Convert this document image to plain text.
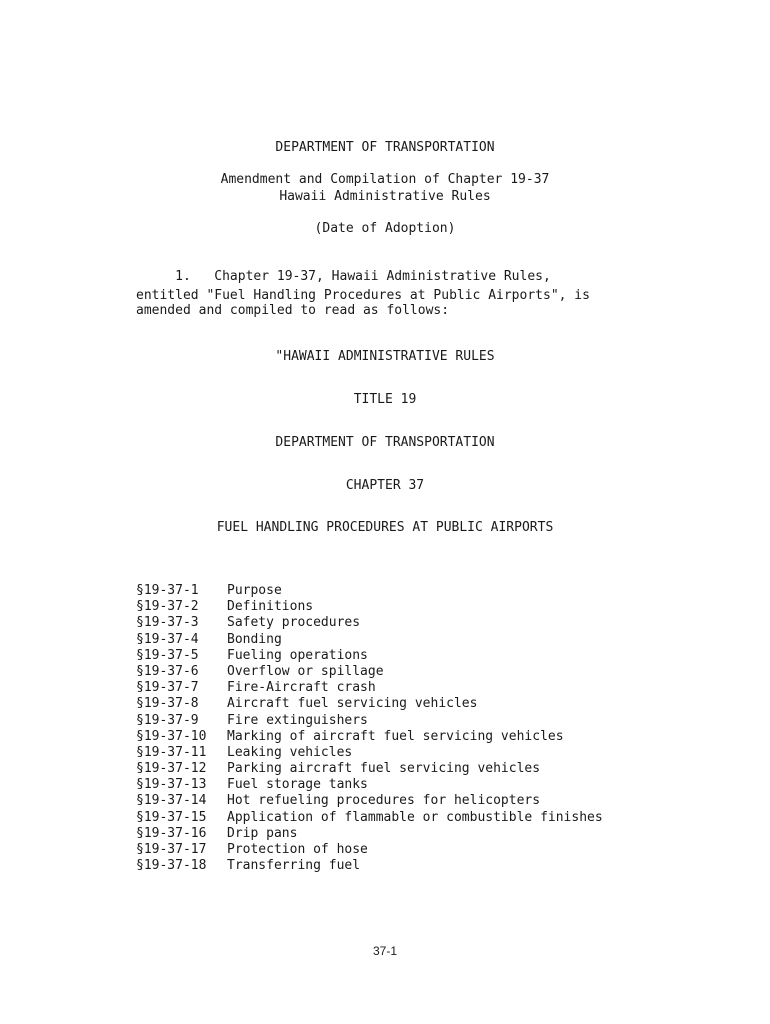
DEPARTMENT OF TRANSPORTATION
Amendment and Compilation of Chapter 19-37
Hawaii Administrative Rules
(Date of Adoption)
1.   Chapter 19-37, Hawaii Administrative Rules,
entitled "Fuel Handling Procedures at Public Airports", is
amended and compiled to read as follows:
"HAWAII ADMINISTRATIVE RULES
TITLE 19
DEPARTMENT OF TRANSPORTATION
CHAPTER 37
FUEL HANDLING PROCEDURES AT PUBLIC AIRPORTS
§19-37-1	Purpose
§19-37-2	Definitions
§19-37-3	Safety procedures
§19-37-4	Bonding
§19-37-5	Fueling operations
§19-37-6	Overflow or spillage
§19-37-7	Fire-Aircraft crash
§19-37-8	Aircraft fuel servicing vehicles
§19-37-9	Fire extinguishers
§19-37-10	Marking of aircraft fuel servicing vehicles
§19-37-11	Leaking vehicles
§19-37-12	Parking aircraft fuel servicing vehicles
§19-37-13	Fuel storage tanks
§19-37-14	Hot refueling procedures for helicopters
§19-37-15	Application of flammable or combustible finishes
§19-37-16	Drip pans
§19-37-17	Protection of hose
§19-37-18	Transferring fuel
37-1
